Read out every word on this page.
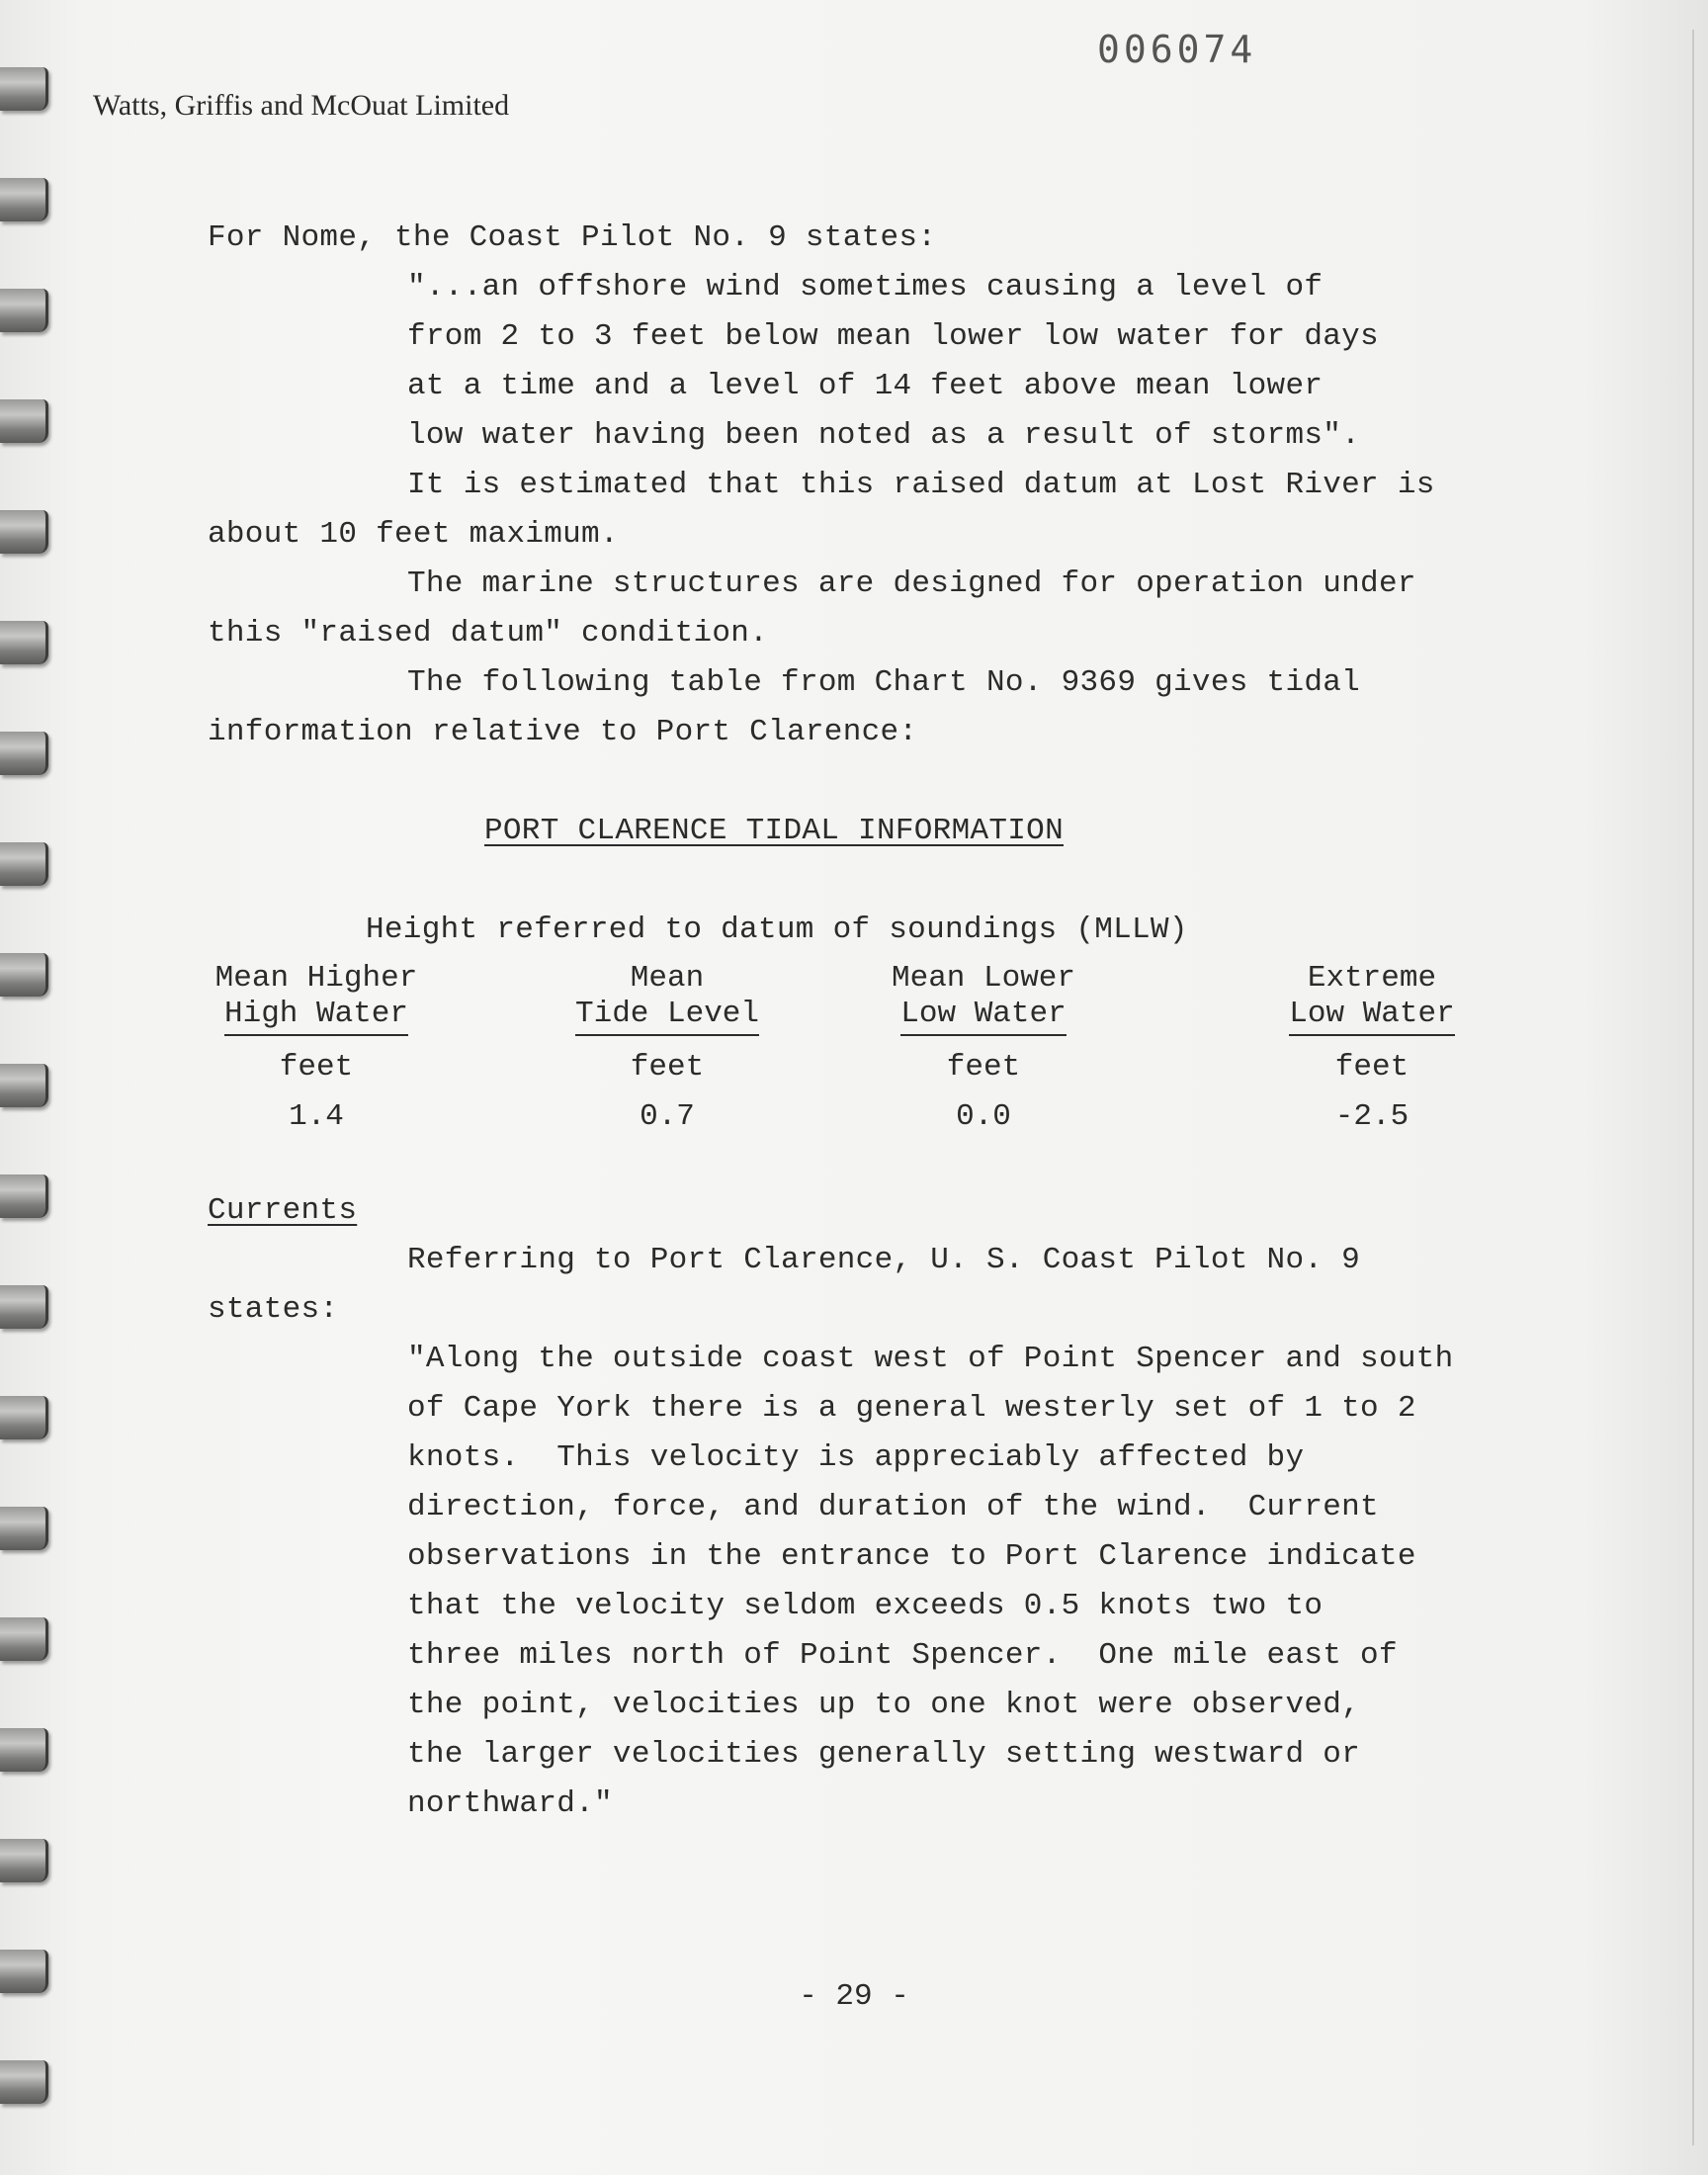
006074
Watts, Griffis and McOuat Limited
For Nome, the Coast Pilot No. 9 states:
"...an offshore wind sometimes causing a level of
from 2 to 3 feet below mean lower low water for days
at a time and a level of 14 feet above mean lower
low water having been noted as a result of storms".
It is estimated that this raised datum at Lost River is
about 10 feet maximum.
The marine structures are designed for operation under
this "raised datum" condition.
The following table from Chart No. 9369 gives tidal
information relative to Port Clarence:
PORT CLARENCE TIDAL INFORMATION
Height referred to datum of soundings (MLLW)
Mean Higher
High Water
feet
1.4
Mean
Tide Level
feet
0.7
Mean Lower
Low Water
feet
0.0
Extreme
Low Water
feet
-2.5
Currents
Referring to Port Clarence, U. S. Coast Pilot No. 9
states:
"Along the outside coast west of Point Spencer and south
of Cape York there is a general westerly set of 1 to 2
knots.  This velocity is appreciably affected by
direction, force, and duration of the wind.  Current
observations in the entrance to Port Clarence indicate
that the velocity seldom exceeds 0.5 knots two to
three miles north of Point Spencer.  One mile east of
the point, velocities up to one knot were observed,
the larger velocities generally setting westward or
northward."
- 29 -
